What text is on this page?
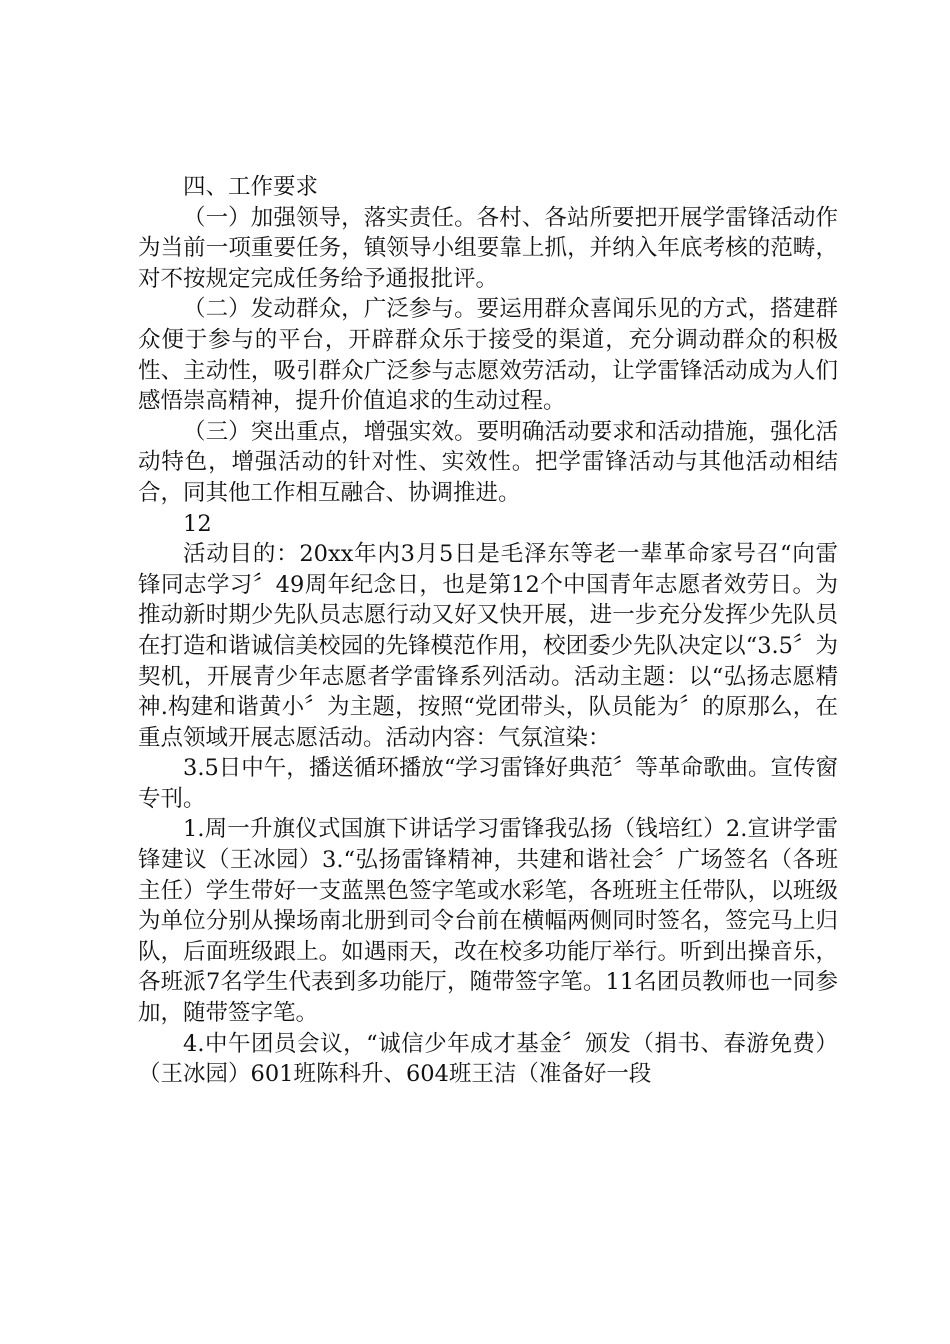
四、工作要求

（一）加强领导，落实责任。各村、各站所要把开展学雷锋活动作为当前一项重要任务，镇领导小组要靠上抓，并纳入年底考核的范畴，对不按规定完成任务给予通报批评。

（二）发动群众，广泛参与。要运用群众喜闻乐见的方式，搭建群众便于参与的平台，开辟群众乐于接受的渠道，充分调动群众的积极性、主动性，吸引群众广泛参与志愿效劳活动，让学雷锋活动成为人们感悟崇高精神，提升价值追求的生动过程。

（三）突出重点，增强实效。要明确活动要求和活动措施，强化活动特色，增强活动的针对性、实效性。把学雷锋活动与其他活动相结合，同其他工作相互融合、协调推进。

12

活动目的：20xx年内3月5日是毛泽东等老一辈革命家号召“向雷锋同志学习〞49周年纪念日，也是第12个中国青年志愿者效劳日。为推动新时期少先队员志愿行动又好又快开展，进一步充分发挥少先队员在打造和谐诚信美校园的先锋模范作用，校团委少先队决定以“3.5〞为契机，开展青少年志愿者学雷锋系列活动。活动主题：以“弘扬志愿精神.构建和谐黄小〞为主题，按照“党团带头，队员能为〞的原那么，在重点领域开展志愿活动。活动内容：气氛渲染：

3.5日中午，播送循环播放“学习雷锋好典范〞等革命歌曲。宣传窗专刊。

1.周一升旗仪式国旗下讲话学习雷锋我弘扬（钱培红）2.宣讲学雷锋建议（王冰园）3.“弘扬雷锋精神，共建和谐社会〞广场签名（各班主任）学生带好一支蓝黑色签字笔或水彩笔，各班班主任带队，以班级为单位分别从操场南北册到司令台前在横幅两侧同时签名，签完马上归队，后面班级跟上。如遇雨天，改在校多功能厅举行。听到出操音乐，各班派7名学生代表到多功能厅，随带签字笔。11名团员教师也一同参加，随带签字笔。

4.中午团员会议，“诚信少年成才基金〞颁发（捐书、春游免费）（王冰园）601班陈科升、604班王洁（准备好一段
